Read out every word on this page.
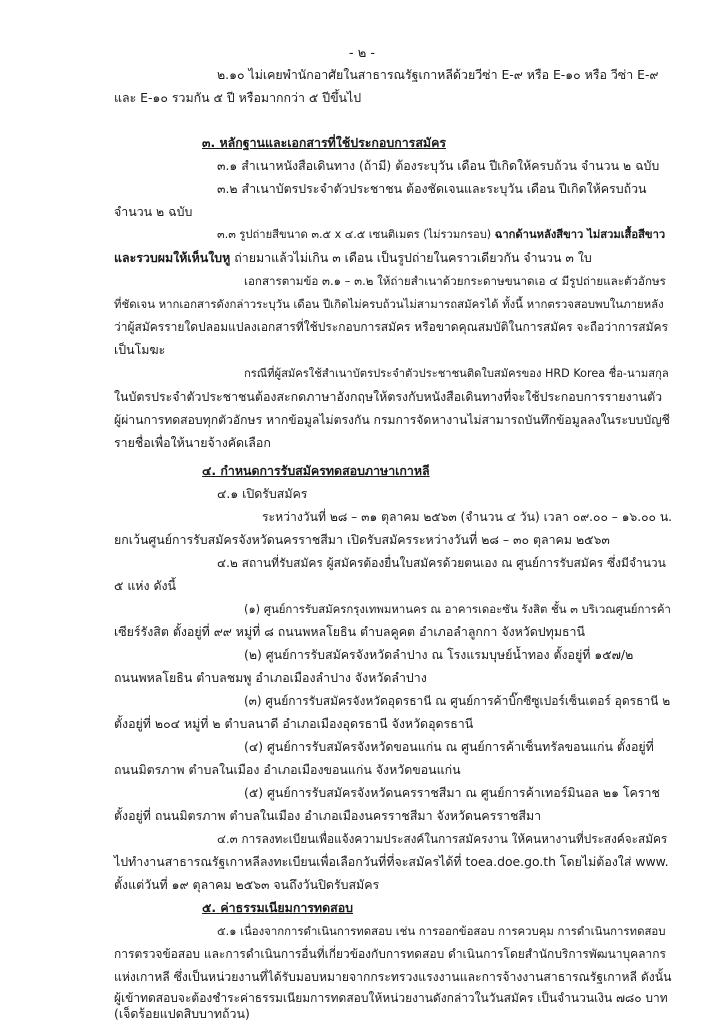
- ๒ -
๒.๑๐ ไม่เคยพำนักอาศัยในสาธารณรัฐเกาหลีด้วยวีซ่า E-๙ หรือ E-๑๐ หรือ วีซ่า E-๙
และ E-๑๐ รวมกัน ๕ ปี หรือมากกว่า ๕ ปีขึ้นไป
๓. หลักฐานและเอกสารที่ใช้ประกอบการสมัคร
๓.๑ สำเนาหนังสือเดินทาง (ถ้ามี) ต้องระบุวัน เดือน ปีเกิดให้ครบถ้วน จำนวน ๒ ฉบับ
๓.๒ สำเนาบัตรประจำตัวประชาชน ต้องชัดเจนและระบุวัน เดือน ปีเกิดให้ครบถ้วน
จำนวน ๒ ฉบับ
๓.๓ รูปถ่ายสีขนาด ๓.๕ x ๔.๕ เซนติเมตร (ไม่รวมกรอบ) ฉากด้านหลังสีขาว ไม่สวมเสื้อสีขาว
และรวบผมให้เห็นใบหู ถ่ายมาแล้วไม่เกิน ๓ เดือน เป็นรูปถ่ายในคราวเดียวกัน จำนวน ๓ ใบ
เอกสารตามข้อ ๓.๑ – ๓.๒ ให้ถ่ายสำเนาด้วยกระดาษขนาดเอ ๔ มีรูปถ่ายและตัวอักษร
ที่ชัดเจน หากเอกสารดังกล่าวระบุวัน เดือน ปีเกิดไม่ครบถ้วนไม่สามารถสมัครได้ ทั้งนี้ หากตรวจสอบพบในภายหลัง
ว่าผู้สมัครรายใดปลอมแปลงเอกสารที่ใช้ประกอบการสมัคร หรือขาดคุณสมบัติในการสมัคร จะถือว่าการสมัคร
เป็นโมฆะ
กรณีที่ผู้สมัครใช้สำเนาบัตรประจำตัวประชาชนติดใบสมัครของ HRD Korea ชื่อ-นามสกุล
ในบัตรประจำตัวประชาชนต้องสะกดภาษาอังกฤษให้ตรงกับหนังสือเดินทางที่จะใช้ประกอบการรายงานตัว
ผู้ผ่านการทดสอบทุกตัวอักษร หากข้อมูลไม่ตรงกัน กรมการจัดหางานไม่สามารถบันทึกข้อมูลลงในระบบบัญชี
รายชื่อเพื่อให้นายจ้างคัดเลือก
๔. กำหนดการรับสมัครทดสอบภาษาเกาหลี
๔.๑ เปิดรับสมัคร
ระหว่างวันที่ ๒๘ – ๓๑ ตุลาคม ๒๕๖๓ (จำนวน ๔ วัน) เวลา ๐๙.๐๐ – ๑๖.๐๐ น.
ยกเว้นศูนย์การรับสมัครจังหวัดนครราชสีมา เปิดรับสมัครระหว่างวันที่ ๒๘ – ๓๐ ตุลาคม ๒๕๖๓
๔.๒ สถานที่รับสมัคร ผู้สมัครต้องยื่นใบสมัครด้วยตนเอง ณ ศูนย์การรับสมัคร ซึ่งมีจำนวน
๕ แห่ง ดังนี้
(๑) ศูนย์การรับสมัครกรุงเทพมหานคร ณ อาคารเดอะซัน รังสิต ชั้น ๓ บริเวณศูนย์การค้า
เซียร์รังสิต ตั้งอยู่ที่ ๙๙ หมู่ที่ ๘ ถนนพหลโยธิน ตำบลคูคต อำเภอลำลูกกา จังหวัดปทุมธานี
(๒) ศูนย์การรับสมัครจังหวัดลำปาง ณ โรงแรมบุษย์น้ำทอง ตั้งอยู่ที่ ๑๕๗/๒
ถนนพหลโยธิน ตำบลชมพู อำเภอเมืองลำปาง จังหวัดลำปาง
(๓) ศูนย์การรับสมัครจังหวัดอุดรธานี ณ ศูนย์การค้าบิ๊กซีซูเปอร์เซ็นเตอร์ อุดรธานี ๒
ตั้งอยู่ที่ ๒๐๔ หมู่ที่ ๒ ตำบลนาดี อำเภอเมืองอุดรธานี จังหวัดอุดรธานี
(๔) ศูนย์การรับสมัครจังหวัดขอนแก่น ณ ศูนย์การค้าเซ็นทรัลขอนแก่น ตั้งอยู่ที่
ถนนมิตรภาพ ตำบลในเมือง อำเภอเมืองขอนแก่น จังหวัดขอนแก่น
(๕) ศูนย์การรับสมัครจังหวัดนครราชสีมา ณ ศูนย์การค้าเทอร์มินอล ๒๑ โคราช
ตั้งอยู่ที่ ถนนมิตรภาพ ตำบลในเมือง อำเภอเมืองนครราชสีมา จังหวัดนครราชสีมา
๔.๓ การลงทะเบียนเพื่อแจ้งความประสงค์ในการสมัครงาน ให้คนหางานที่ประสงค์จะสมัคร
ไปทำงานสาธารณรัฐเกาหลีลงทะเบียนเพื่อเลือกวันที่ที่จะสมัครได้ที่ toea.doe.go.th โดยไม่ต้องใส่ www.
ตั้งแต่วันที่ ๑๙ ตุลาคม ๒๕๖๓ จนถึงวันปิดรับสมัคร
๕. ค่าธรรมเนียมการทดสอบ
๕.๑ เนื่องจากการดำเนินการทดสอบ เช่น การออกข้อสอบ การควบคุม การดำเนินการทดสอบ
การตรวจข้อสอบ และการดำเนินการอื่นที่เกี่ยวข้องกับการทดสอบ ดำเนินการโดยสำนักบริการพัฒนาบุคลากร
แห่งเกาหลี ซึ่งเป็นหน่วยงานที่ได้รับมอบหมายจากกระทรวงแรงงานและการจ้างงานสาธารณรัฐเกาหลี ดังนั้น
ผู้เข้าทดสอบจะต้องชำระค่าธรรมเนียมการทดสอบให้หน่วยงานดังกล่าวในวันสมัคร เป็นจำนวนเงิน ๗๘๐ บาท
(เจ็ดร้อยแปดสิบบาทถ้วน)
